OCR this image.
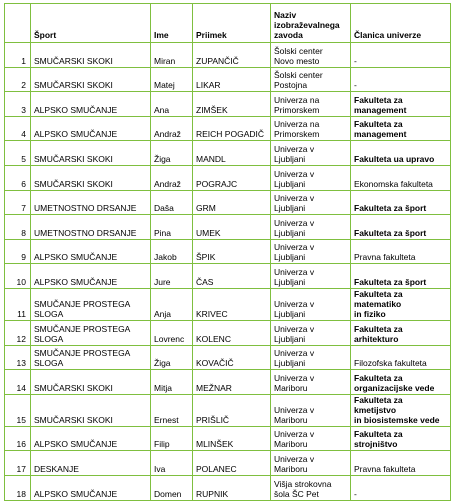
	Šport	Ime	Priimek	Naziv
izobraževalnega
zavoda	Članica univerze
1	SMUČARSKI SKOKI	Miran	ZUPANČIČ	Šolski center
Novo mesto	-
2	SMUČARSKI SKOKI	Matej	LIKAR	Šolski center
Postojna	-
3	ALPSKO SMUČANJE	Ana	ZIMŠEK	Univerza na
Primorskem	Fakulteta za
management
4	ALPSKO SMUČANJE	Andraž	REICH POGADIČ	Univerza na
Primorskem	Fakulteta za
management
5	SMUČARSKI SKOKI	Žiga	MANDL	Univerza v
Ljubljani	Fakulteta ua upravo
6	SMUČARSKI SKOKI	Andraž	POGRAJC	Univerza v
Ljubljani	Ekonomska fakulteta
7	UMETNOSTNO DRSANJE	Daša	GRM	Univerza v
Ljubljani	Fakulteta za šport
8	UMETNOSTNO DRSANJE	Pina	UMEK	Univerza v
Ljubljani	Fakulteta za šport
9	ALPSKO SMUČANJE	Jakob	ŠPIK	Univerza v
Ljubljani	Pravna fakulteta
10	ALPSKO SMUČANJE	Jure	ČAS	Univerza v
Ljubljani	Fakulteta za šport
11	SMUČANJE PROSTEGA
SLOGA	Anja	KRIVEC	Univerza v
Ljubljani	Fakulteta za matematiko
in fiziko
12	SMUČANJE PROSTEGA
SLOGA	Lovrenc	KOLENC	Univerza v
Ljubljani	Fakulteta za arhitekturo
13	SMUČANJE PROSTEGA
SLOGA	Žiga	KOVAČIČ	Univerza v
Ljubljani	Filozofska fakulteta
14	SMUČARSKI SKOKI	Mitja	MEŽNAR	Univerza v
Mariboru	Fakulteta za
organizacijske vede
15	SMUČARSKI SKOKI	Ernest	PRIŠLIČ	Univerza v
Mariboru	Fakulteta za kmetijstvo
in biosistemske vede
16	ALPSKO SMUČANJE	Filip	MLINŠEK	Univerza v
Mariboru	Fakulteta za strojništvo
17	DESKANJE	Iva	POLANEC	Univerza v
Mariboru	Pravna fakulteta
18	ALPSKO SMUČANJE	Domen	RUPNIK	Višja strokovna
šola ŠC Pet	-
